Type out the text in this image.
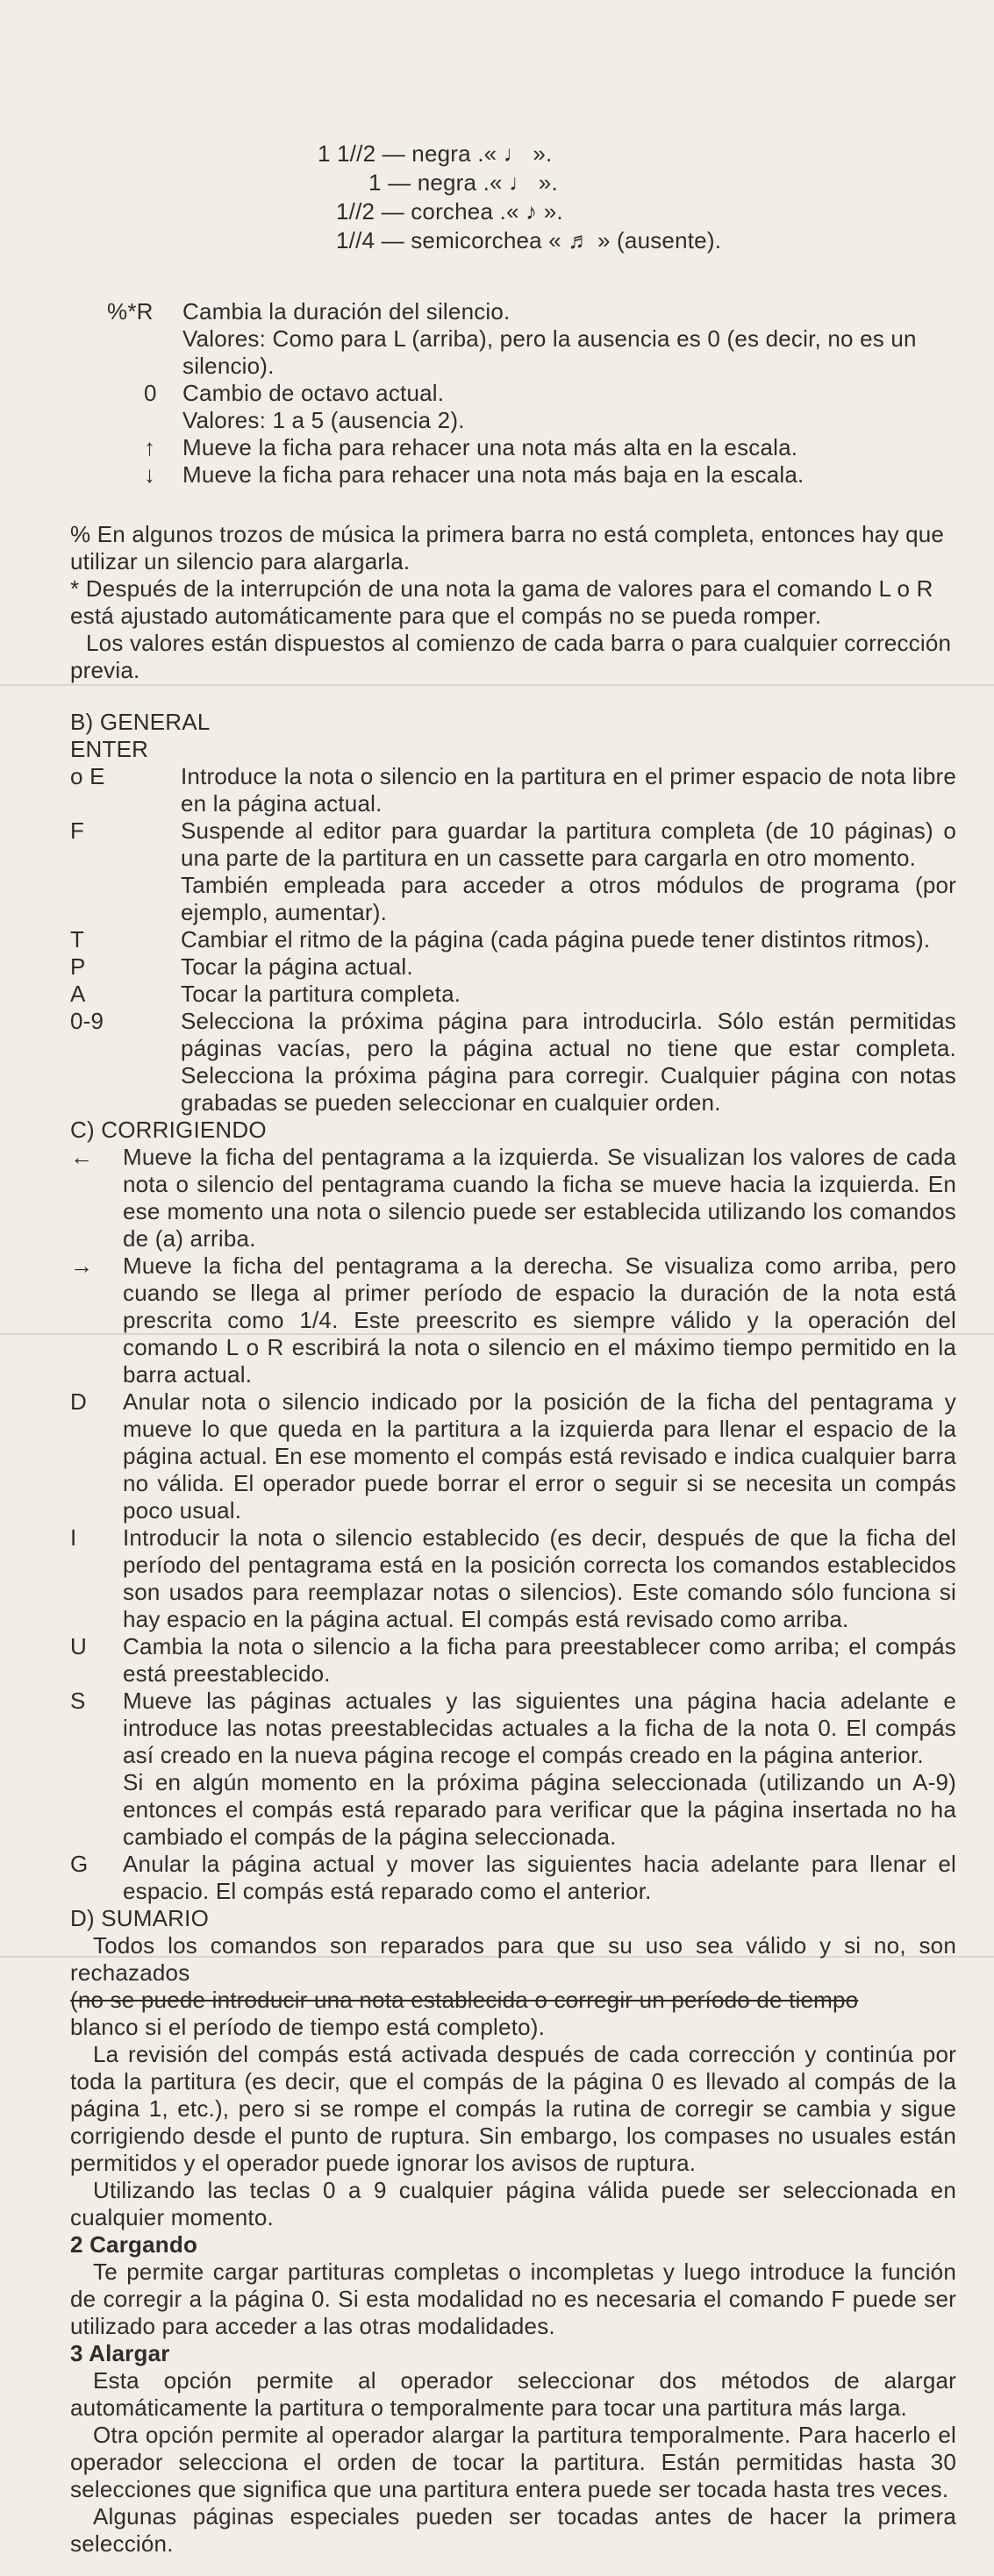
1 1//2 — negra .« ♩ ».
1 — negra .« ♩ ».
1//2 — corchea .« ♪ ».
1//4 — semicorchea « ♬ » (ausente).
%*R	Cambia la duración del silencio.
Valores: Como para L (arriba), pero la ausencia es 0 (es decir, no es un silencio).
0	Cambio de octavo actual.
Valores: 1 a 5 (ausencia 2).
↑	Mueve la ficha para rehacer una nota más alta en la escala.
↓	Mueve la ficha para rehacer una nota más baja en la escala.

% En algunos trozos de música la primera barra no está completa, entonces hay que utilizar un silencio para alargarla.

* Después de la interrupción de una nota la gama de valores para el comando L o R está ajustado automáticamente para que el compás no se pueda romper.

Los valores están dispuestos al comienzo de cada barra o para cualquier corrección previa.

B) GENERAL

ENTER

o E	Introduce la nota o silencio en la partitura en el primer espacio de nota libre en la página actual.
F	Suspende al editor para guardar la partitura completa (de 10 páginas) o una parte de la partitura en un cassette para cargarla en otro momento.

También empleada para acceder a otros módulos de programa (por ejemplo, aumentar).

T	Cambiar el ritmo de la página (cada página puede tener distintos ritmos).
P	Tocar la página actual.
A	Tocar la partitura completa.
0-9	Selecciona la próxima página para introducirla. Sólo están permitidas páginas vacías, pero la página actual no tiene que estar completa. Selecciona la próxima página para corregir. Cualquier página con notas grabadas se pueden seleccionar en cualquier orden.

C) CORRIGIENDO

←	Mueve la ficha del pentagrama a la izquierda. Se visualizan los valores de cada nota o silencio del pentagrama cuando la ficha se mueve hacia la izquierda. En ese momento una nota o silencio puede ser establecida utilizando los comandos de (a) arriba.
→	Mueve la ficha del pentagrama a la derecha. Se visualiza como arriba, pero cuando se llega al primer período de espacio la duración de la nota está prescrita como 1/4. Este preescrito es siempre válido y la operación del comando L o R escribirá la nota o silencio en el máximo tiempo permitido en la barra actual.
D	Anular nota o silencio indicado por la posición de la ficha del pentagrama y mueve lo que queda en la partitura a la izquierda para llenar el espacio de la página actual. En ese momento el compás está revisado e indica cualquier barra no válida. El operador puede borrar el error o seguir si se necesita un compás poco usual.
I	Introducir la nota o silencio establecido (es decir, después de que la ficha del período del pentagrama está en la posición correcta los comandos establecidos son usados para reemplazar notas o silencios). Este comando sólo funciona si hay espacio en la página actual. El compás está revisado como arriba.
U	Cambia la nota o silencio a la ficha para preestablecer como arriba; el compás está preestablecido.
S	Mueve las páginas actuales y las siguientes una página hacia adelante e introduce las notas preestablecidas actuales a la ficha de la nota 0. El compás así creado en la nueva página recoge el compás creado en la página anterior.

Si en algún momento en la próxima página seleccionada (utilizando un A-9) entonces el compás está reparado para verificar que la página insertada no ha cambiado el compás de la página seleccionada.

G	Anular la página actual y mover las siguientes hacia adelante para llenar el espacio. El compás está reparado como el anterior.

D) SUMARIO

Todos los comandos son reparados para que su uso sea válido y si no, son rechazados

(no se puede introducir una nota establecida o corregir un período de tiempo

blanco si el período de tiempo está completo).

La revisión del compás está activada después de cada corrección y continúa por toda la partitura (es decir, que el compás de la página 0 es llevado al compás de la página 1, etc.), pero si se rompe el compás la rutina de corregir se cambia y sigue corrigiendo desde el punto de ruptura. Sin embargo, los compases no usuales están permitidos y el operador puede ignorar los avisos de ruptura.

Utilizando las teclas 0 a 9 cualquier página válida puede ser seleccionada en cualquier momento.

2 Cargando

Te permite cargar partituras completas o incompletas y luego introduce la función de corregir a la página 0. Si esta modalidad no es necesaria el comando F puede ser utilizado para acceder a las otras modalidades.

3 Alargar

Esta opción permite al operador seleccionar dos métodos de alargar automáticamente la partitura o temporalmente para tocar una partitura más larga.

Otra opción permite al operador alargar la partitura temporalmente. Para hacerlo el operador selecciona el orden de tocar la partitura. Están permitidas hasta 30 selecciones que significa que una partitura entera puede ser tocada hasta tres veces.

Algunas páginas especiales pueden ser tocadas antes de hacer la primera selección.
